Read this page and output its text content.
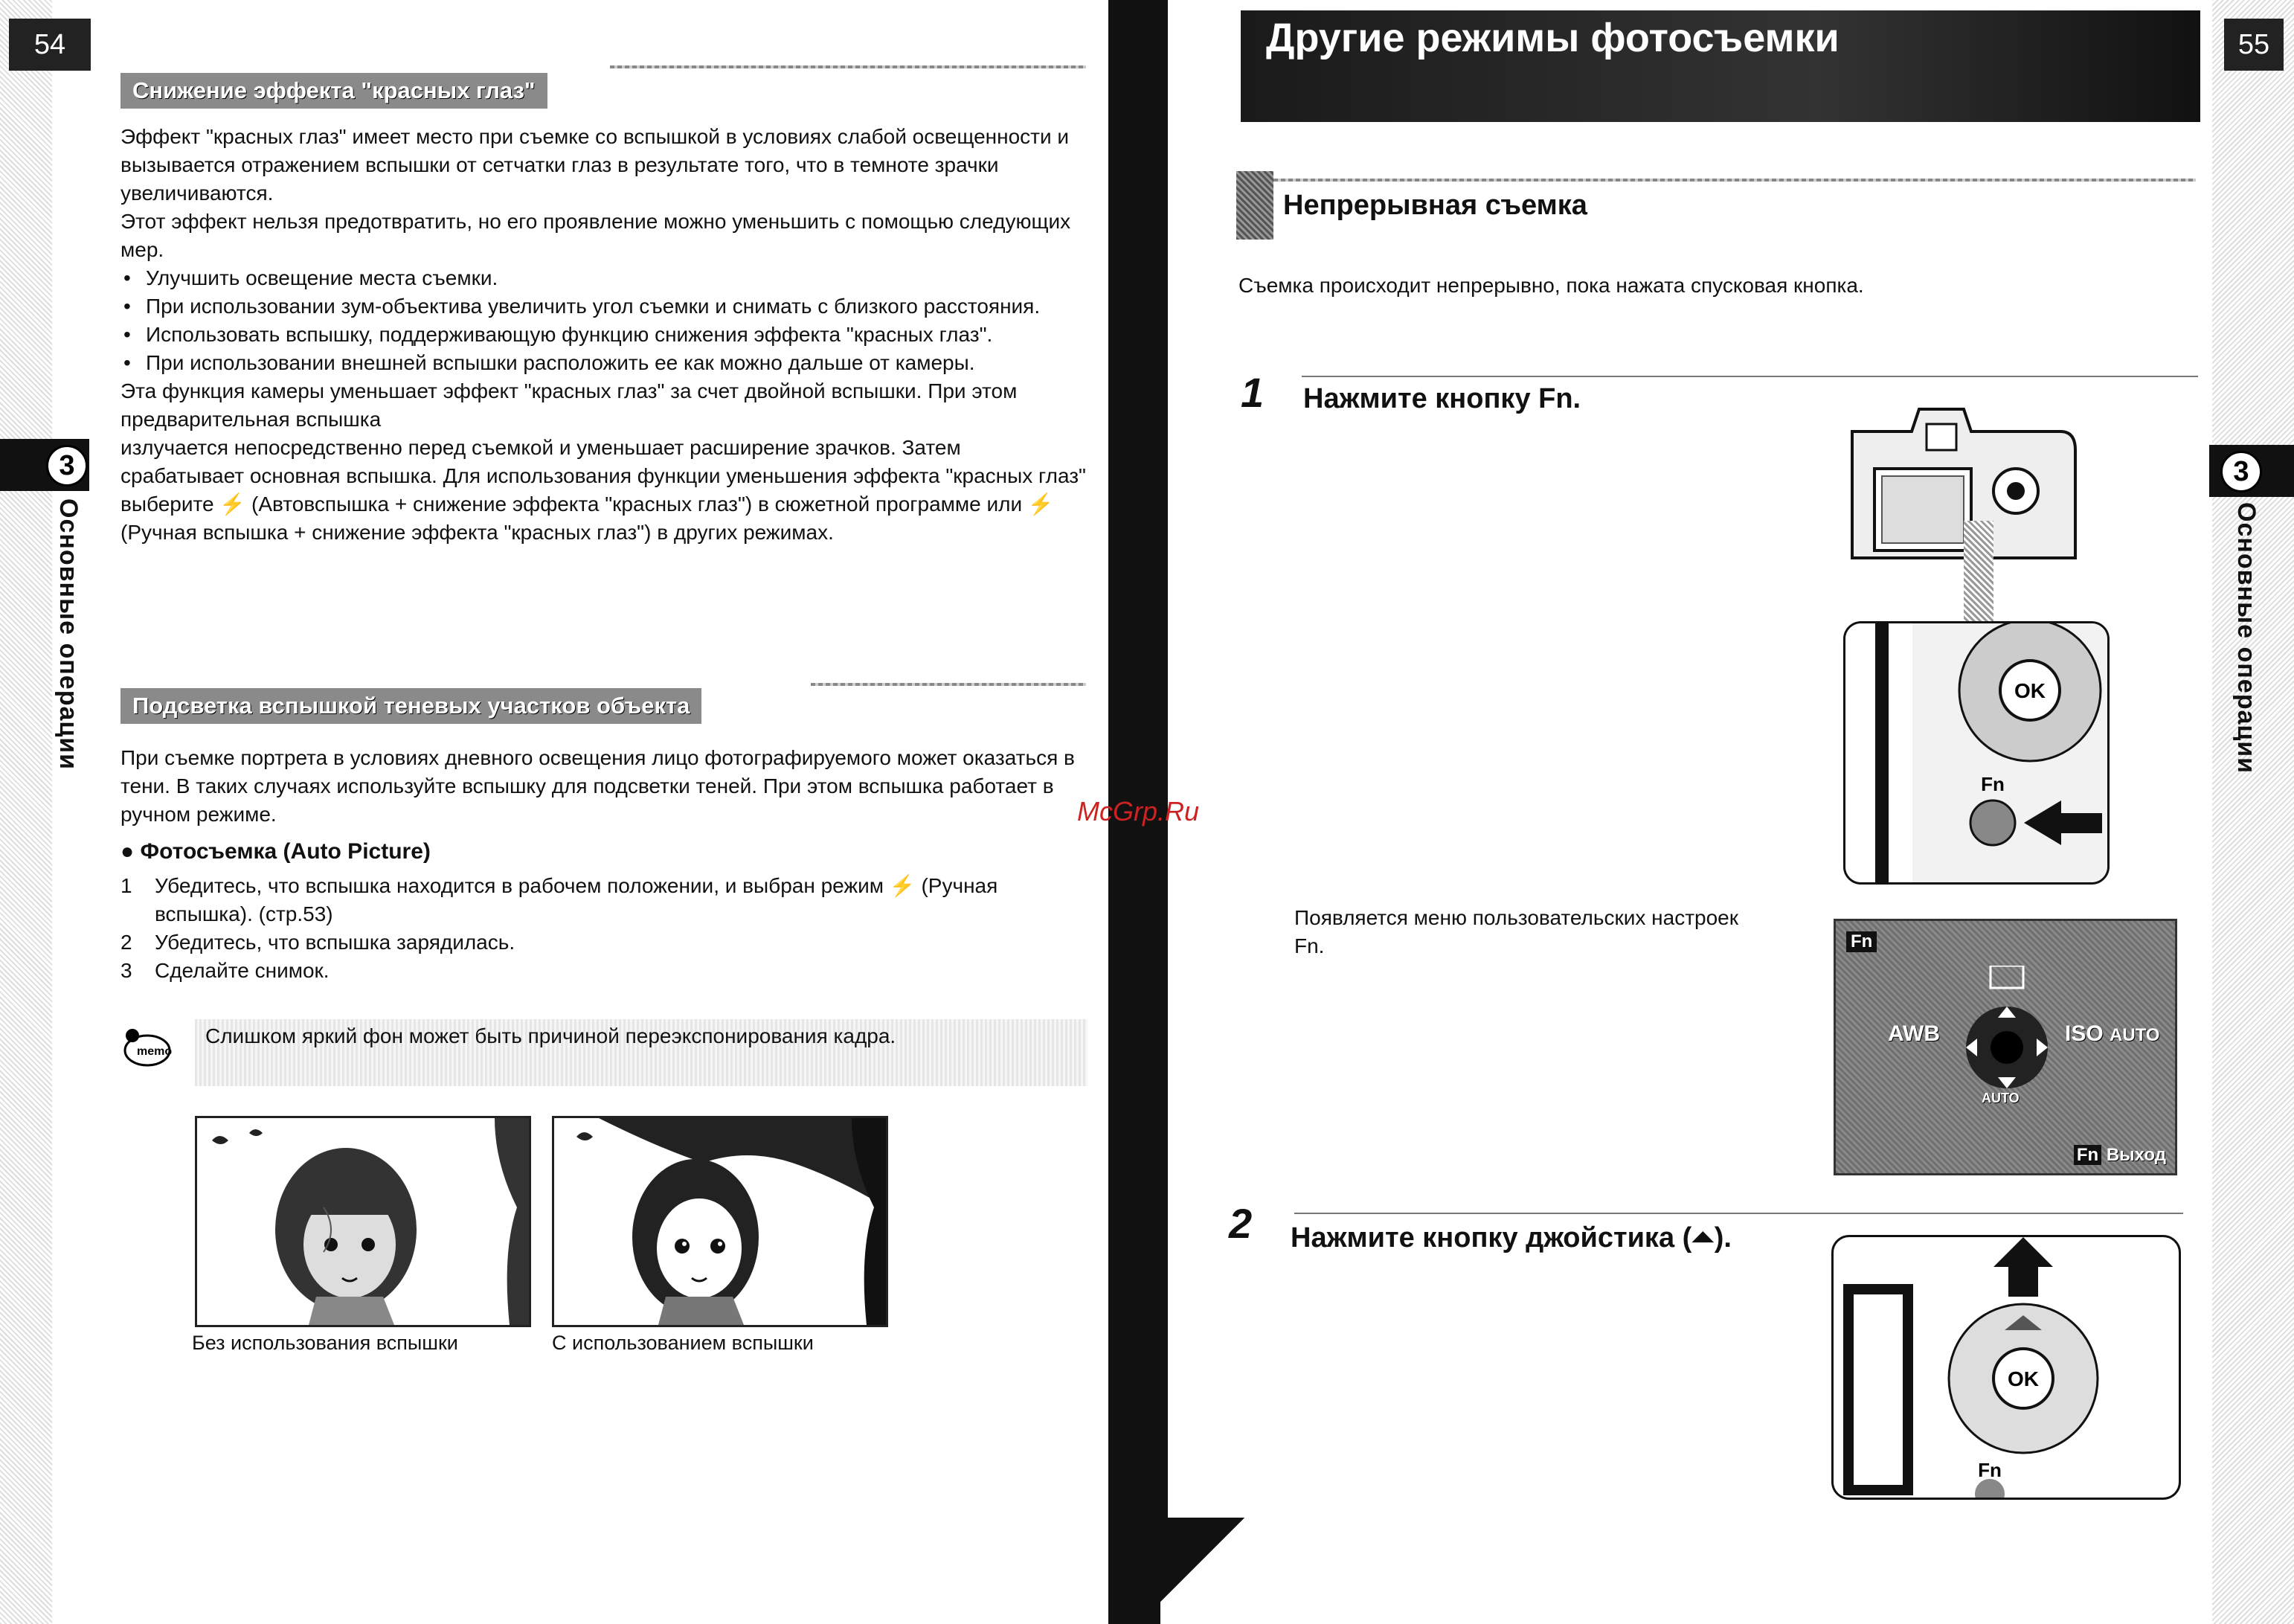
54
3
Основные операции
Снижение эффекта "красных глаз"
Эффект "красных глаз" имеет место при съемке со вспышкой в условиях слабой освещенности и вызывается отражением вспышки от сетчатки глаз в результате того, что в темноте зрачки увеличиваются.
Этот эффект нельзя предотвратить, но его проявление можно уменьшить с помощью следующих мер.
• Улучшить освещение места съемки.
• При использовании зум-объектива увеличить угол съемки и снимать с близкого расстояния.
• Использовать вспышку, поддерживающую функцию снижения эффекта "красных глаз".
• При использовании внешней вспышки расположить ее как можно дальше от камеры.
Эта функция камеры уменьшает эффект "красных глаз" за счет двойной вспышки. При этом предварительная вспышка
излучается непосредственно перед съемкой и уменьшает расширение зрачков. Затем срабатывает основная вспышка. Для использования функции уменьшения эффекта "красных глаз" выберите ⚡ (Автовспышка + снижение эффекта "красных глаз") в сюжетной программе или ⚡ (Ручная вспышка + снижение эффекта "красных глаз") в других режимах.
Подсветка вспышкой теневых участков объекта
При съемке портрета в условиях дневного освещения лицо фотографируемого может оказаться в тени. В таких случаях используйте вспышку для подсветки теней. При этом вспышка работает в ручном режиме.
● Фотосъемка (Auto Picture)
1 Убедитесь, что вспышка находится в рабочем положении, и выбран режим ⚡ (Ручная вспышка). (стр.53)
2 Убедитесь, что вспышка зарядилась.
3 Сделайте снимок.
memo
Слишком яркий фон может быть причиной переэкспонирования кадра.
Без использования вспышки	С использованием вспышки
McGrp.Ru
55
3
Основные операции
Другие режимы фотосъемки
Непрерывная съемка
Съемка происходит непрерывно, пока нажата спусковая кнопка.
1 Нажмите кнопку Fn.
OK
Fn
Появляется меню пользовательских настроек Fn.	Fn
AWB	ISO AUTO
AUTO
Fn Выход
2 Нажмите кнопку джойстика (⏶).
OK
Fn
